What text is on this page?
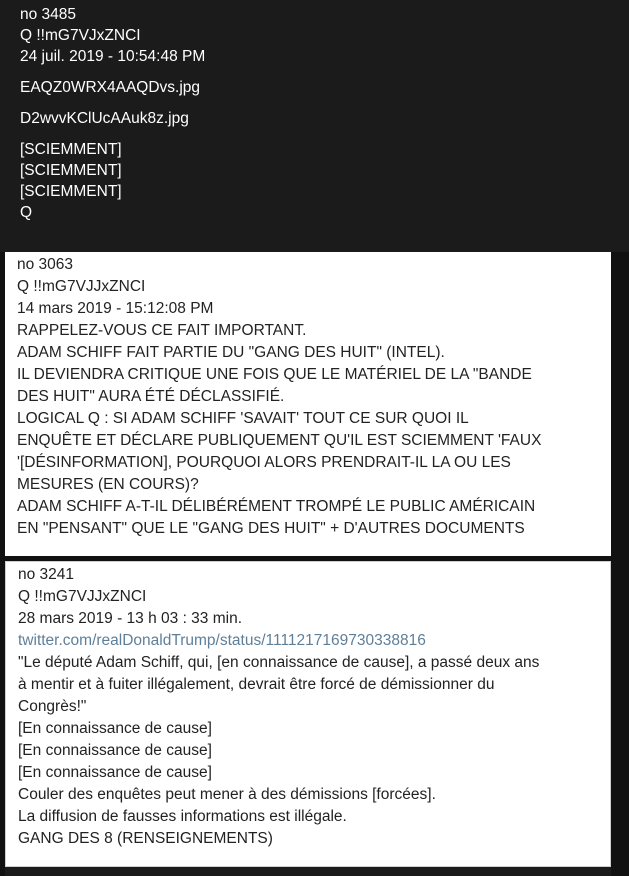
no 3485
Q !!mG7VJxZNCI
24 juil. 2019 - 10:54:48 PM
EAQZ0WRX4AAQDvs.jpg
D2wvvKClUcAAuk8z.jpg
[SCIEMMENT]
[SCIEMMENT]
[SCIEMMENT]
Q
no 3063
Q !!mG7VJJxZNCI
14 mars 2019 - 15:12:08 PM
RAPPELEZ-VOUS CE FAIT IMPORTANT.
ADAM SCHIFF FAIT PARTIE DU "GANG DES HUIT" (INTEL).
IL DEVIENDRA CRITIQUE UNE FOIS QUE LE MATÉRIEL DE LA "BANDE
DES HUIT" AURA ÉTÉ DÉCLASSIFIÉ.
LOGICAL Q : SI ADAM SCHIFF 'SAVAIT' TOUT CE SUR QUOI IL
ENQUÊTE ET DÉCLARE PUBLIQUEMENT QU'IL EST SCIEMMENT 'FAUX
'[DÉSINFORMATION], POURQUOI ALORS PRENDRAIT-IL LA OU LES
MESURES (EN COURS)?
ADAM SCHIFF A-T-IL DÉLIBÉRÉMENT TROMPÉ LE PUBLIC AMÉRICAIN
EN "PENSANT" QUE LE "GANG DES HUIT" + D'AUTRES DOCUMENTS
no 3241
Q !!mG7VJJxZNCI
28 mars 2019 - 13 h 03 : 33 min.
twitter.com/realDonaldTrump/status/1111217169730338816
"Le député Adam Schiff, qui, [en connaissance de cause], a passé deux ans
à mentir et à fuiter illégalement, devrait être forcé de démissionner du
Congrès!"
[En connaissance de cause]
[En connaissance de cause]
[En connaissance de cause]
Couler des enquêtes peut mener à des démissions [forcées].
La diffusion de fausses informations est illégale.
GANG DES 8 (RENSEIGNEMENTS)
